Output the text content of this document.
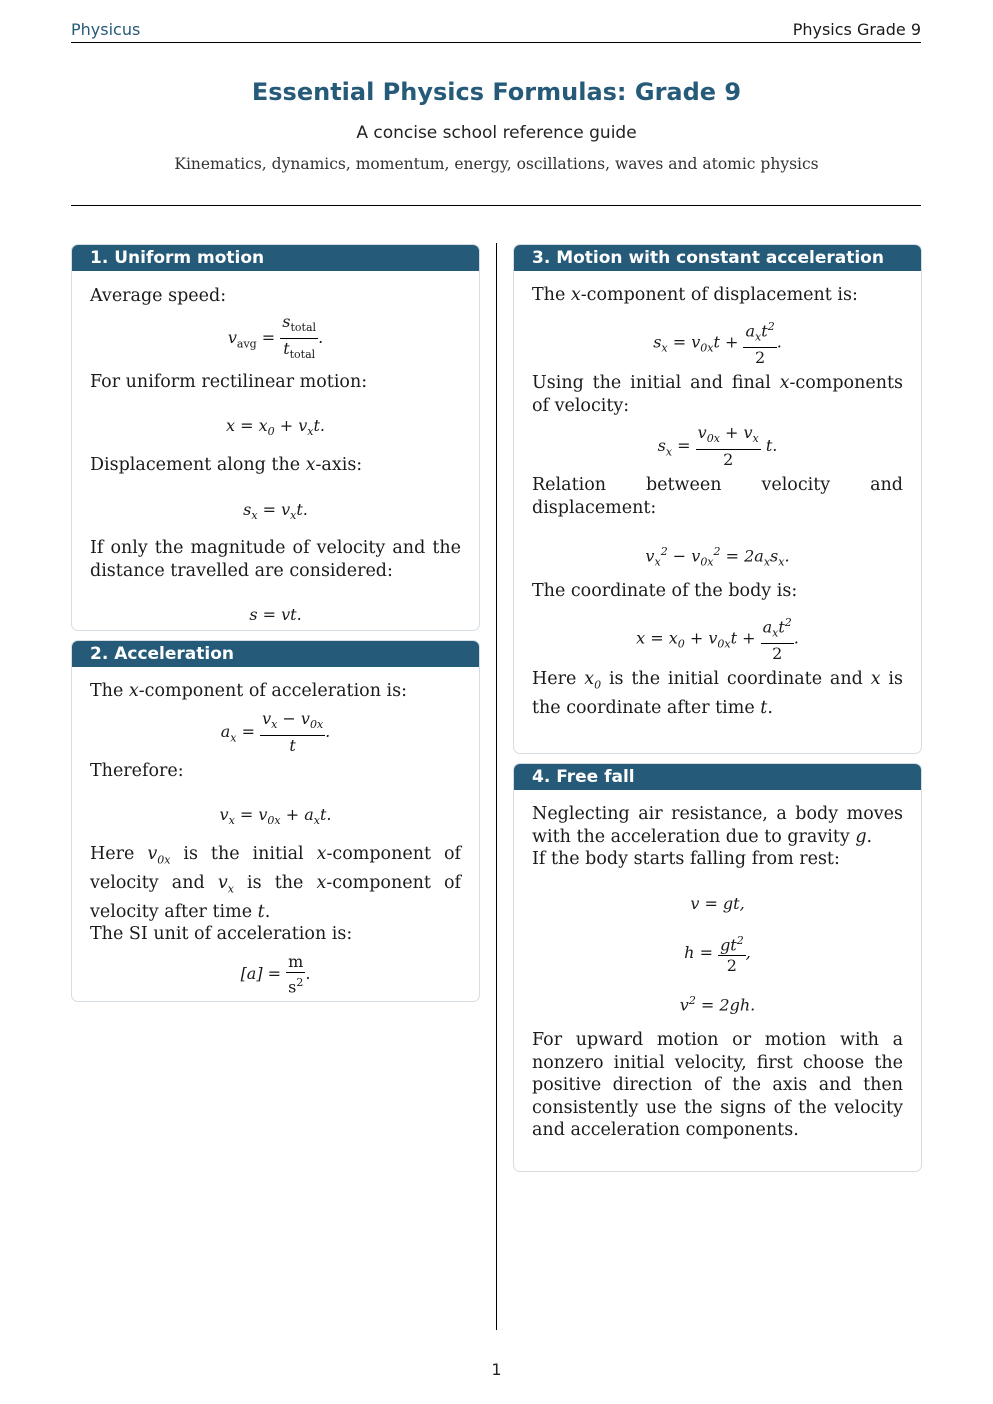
Physicus	Physics Grade 9
Essential Physics Formulas: Grade 9
A concise school reference guide
Kinematics, dynamics, momentum, energy, oscillations, waves and atomic physics
1. Uniform motion

Average speed:

$v_{avg} = \frac{s_{total}}{t_{total}}$ .

For uniform rectilinear motion:

$x = x_0 + v_xt$.

Displacement along the x-axis:

$s_x = v_xt$.

If only the magnitude of velocity and the distance travelled are considered:

s = vt.
2. Acceleration

The x-component of acceleration is:

$a_x = \frac{v_x - v_{0x}}{t}$ .

Therefore:

$v_x = v_{0x} + a_xt$.

Here $v_{0x}$ is the initial x-component of velocity and $v_x$ is the x-component of velocity after time t.

The SI unit of acceleration is:

$[a] = \frac{m}{s^2}$ .
3. Motion with constant acceleration

The x-component of displacement is:

$s_x = v_{0x}t + \frac{a_xt^2}{2}$ .

Using the initial and final x-components of velocity:

$s_x = \frac{v_{0x} + v_x}{2} t$.

Relation between velocity and displacement:

$v_x^2 - v_{0x}^2 = 2a_xs_x$.

The coordinate of the body is:

$x = x_0 + v_{0x}t + \frac{a_xt^2}{2}$ .

Here $x_0$ is the initial coordinate and x is the coordinate after time t.

4. Free fall

Neglecting air resistance, a body moves with the acceleration due to gravity g.

If the body starts falling from rest:

v = gt,
$h = \frac{gt^2}{2}$ ,
$v^2 = 2gh$.

For upward motion or motion with a nonzero initial velocity, first choose the positive direction of the axis and then consistently use the signs of the velocity and acceleration components.

1
